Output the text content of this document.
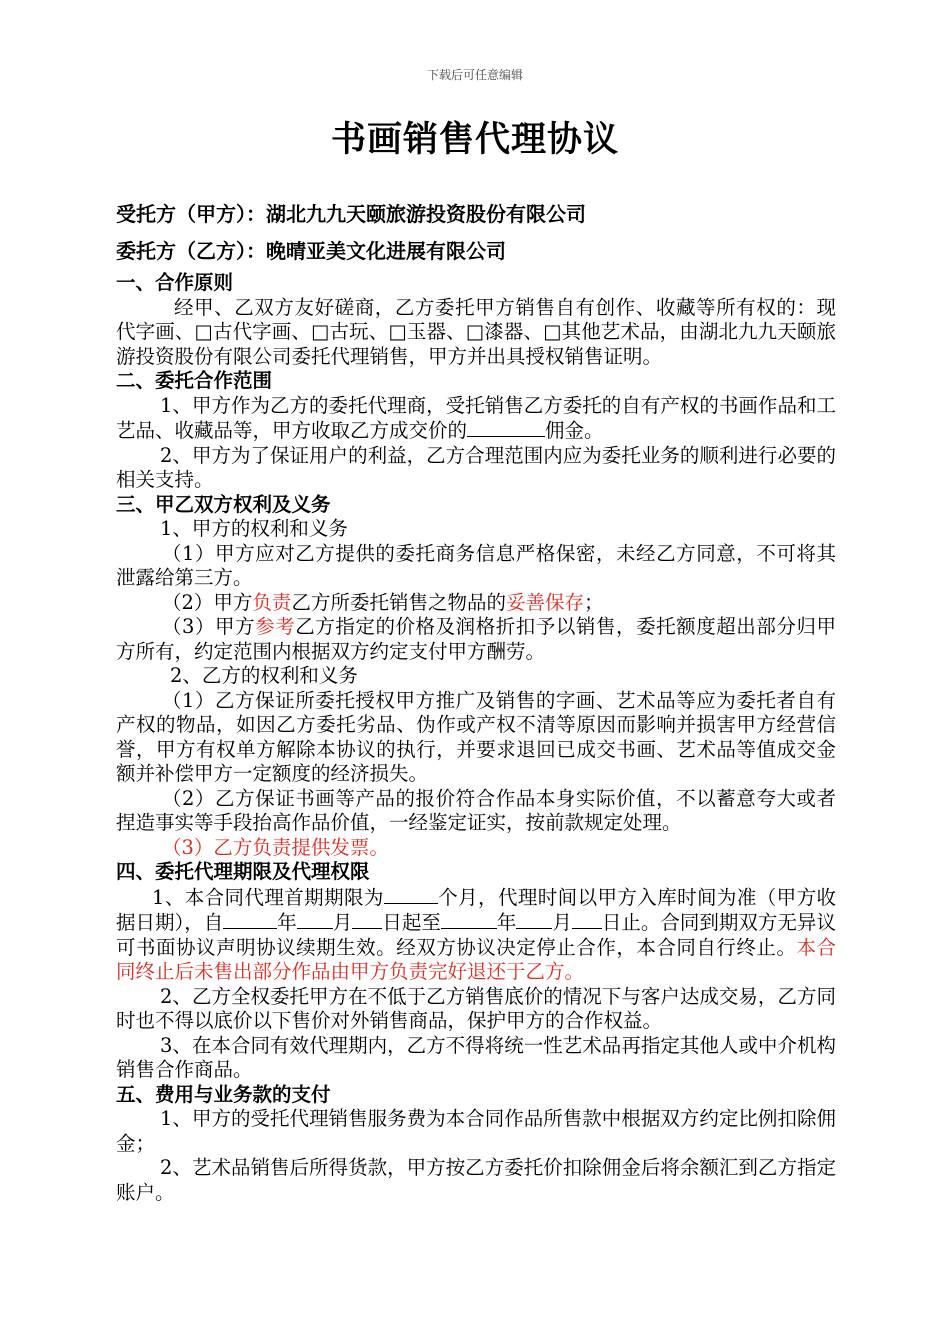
下载后可任意编辑
书画销售代理协议
受托方（甲方）：湖北九九天颐旅游投资股份有限公司
委托方（乙方）：晚晴亚美文化进展有限公司

一、合作原则

经甲、乙双方友好磋商，乙方委托甲方销售自有创作、收藏等所有权的：现代字画、□古代字画、□古玩、□玉器、□漆器、□其他艺术品，由湖北九九天颐旅游投资股份有限公司委托代理销售，甲方并出具授权销售证明。

二、委托合作范围

1、甲方作为乙方的委托代理商，受托销售乙方委托的自有产权的书画作品和工艺品、收藏品等，甲方收取乙方成交价的	佣金。

2、甲方为了保证用户的利益，乙方合理范围内应为委托业务的顺利进行必要的相关支持。

三、甲乙双方权利及义务

1、甲方的权利和义务

（1）甲方应对乙方提供的委托商务信息严格保密，未经乙方同意，不可将其泄露给第三方。

（2）甲方负责乙方所委托销售之物品的妥善保存；

（3）甲方参考乙方指定的价格及润格折扣予以销售，委托额度超出部分归甲方所有，约定范围内根据双方约定支付甲方酬劳。

2、乙方的权利和义务

（1）乙方保证所委托授权甲方推广及销售的字画、艺术品等应为委托者自有产权的物品，如因乙方委托劣品、伪作或产权不清等原因而影响并损害甲方经营信誉，甲方有权单方解除本协议的执行，并要求退回已成交书画、艺术品等值成交金额并补偿甲方一定额度的经济损失。

（2）乙方保证书画等产品的报价符合作品本身实际价值，不以蓄意夸大或者捏造事实等手段抬高作品价值，一经鉴定证实，按前款规定处理。

（3）乙方负责提供发票。

四、委托代理期限及代理权限

1、本合同代理首期期限为	个月，代理时间以甲方入库时间为准（甲方收据日期），自	年 月 日起至	年 月 日止。合同到期双方无异议可书面协议声明协议续期生效。经双方协议决定停止合作，本合同自行终止。本合同终止后未售出部分作品由甲方负责完好退还于乙方。

2、乙方全权委托甲方在不低于乙方销售底价的情况下与客户达成交易，乙方同时也不得以底价以下售价对外销售商品，保护甲方的合作权益。

3、在本合同有效代理期内，乙方不得将统一性艺术品再指定其他人或中介机构销售合作商品。

五、费用与业务款的支付

1、甲方的受托代理销售服务费为本合同作品所售款中根据双方约定比例扣除佣金；

2、艺术品销售后所得货款，甲方按乙方委托价扣除佣金后将余额汇到乙方指定账户。
